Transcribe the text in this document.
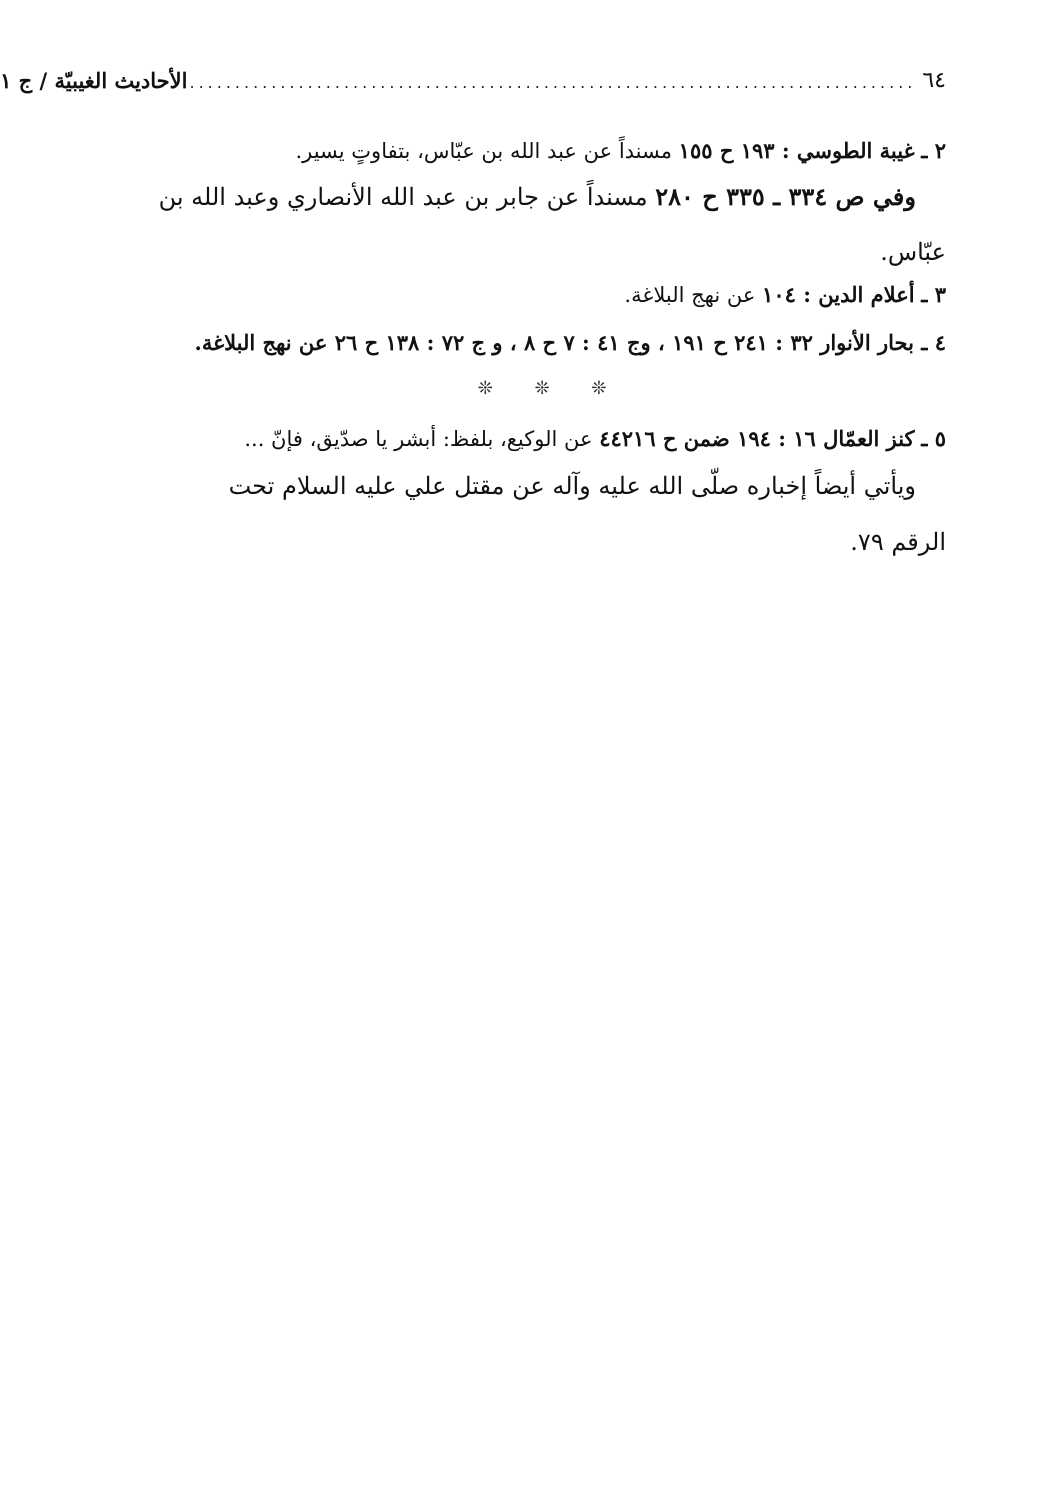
٦٤
................................................................................
الأحاديث الغيبيّة / ج ١
٢ ـ غيبة الطوسي : ١٩٣ ح ١٥٥ مسنداً عن عبد الله بن عبّاس، بتفاوتٍ يسير.
وفي ص ٣٣٤ ـ ٣٣٥ ح ٢٨٠ مسنداً عن جابر بن عبد الله الأنصاري وعبد الله بن
عبّاس.
٣ ـ أعلام الدين : ١٠٤ عن نهج البلاغة.
٤ ـ بحار الأنوار ٣٢ : ٢٤١ ح ١٩١ ، وج ٤١ : ٧ ح ٨ ، و ج ٧٢ : ١٣٨ ح ٢٦ عن نهج البلاغة.
❊ ❊ ❊
٥ ـ كنز العمّال ١٦ : ١٩٤ ضمن ح ٤٤٢١٦ عن الوكيع، بلفظ: أبشر يا صدّيق، فإنّ ...
ويأتي أيضاً إخباره صلّى الله عليه وآله عن مقتل علي عليه السلام تحت
الرقم ٧٩.
